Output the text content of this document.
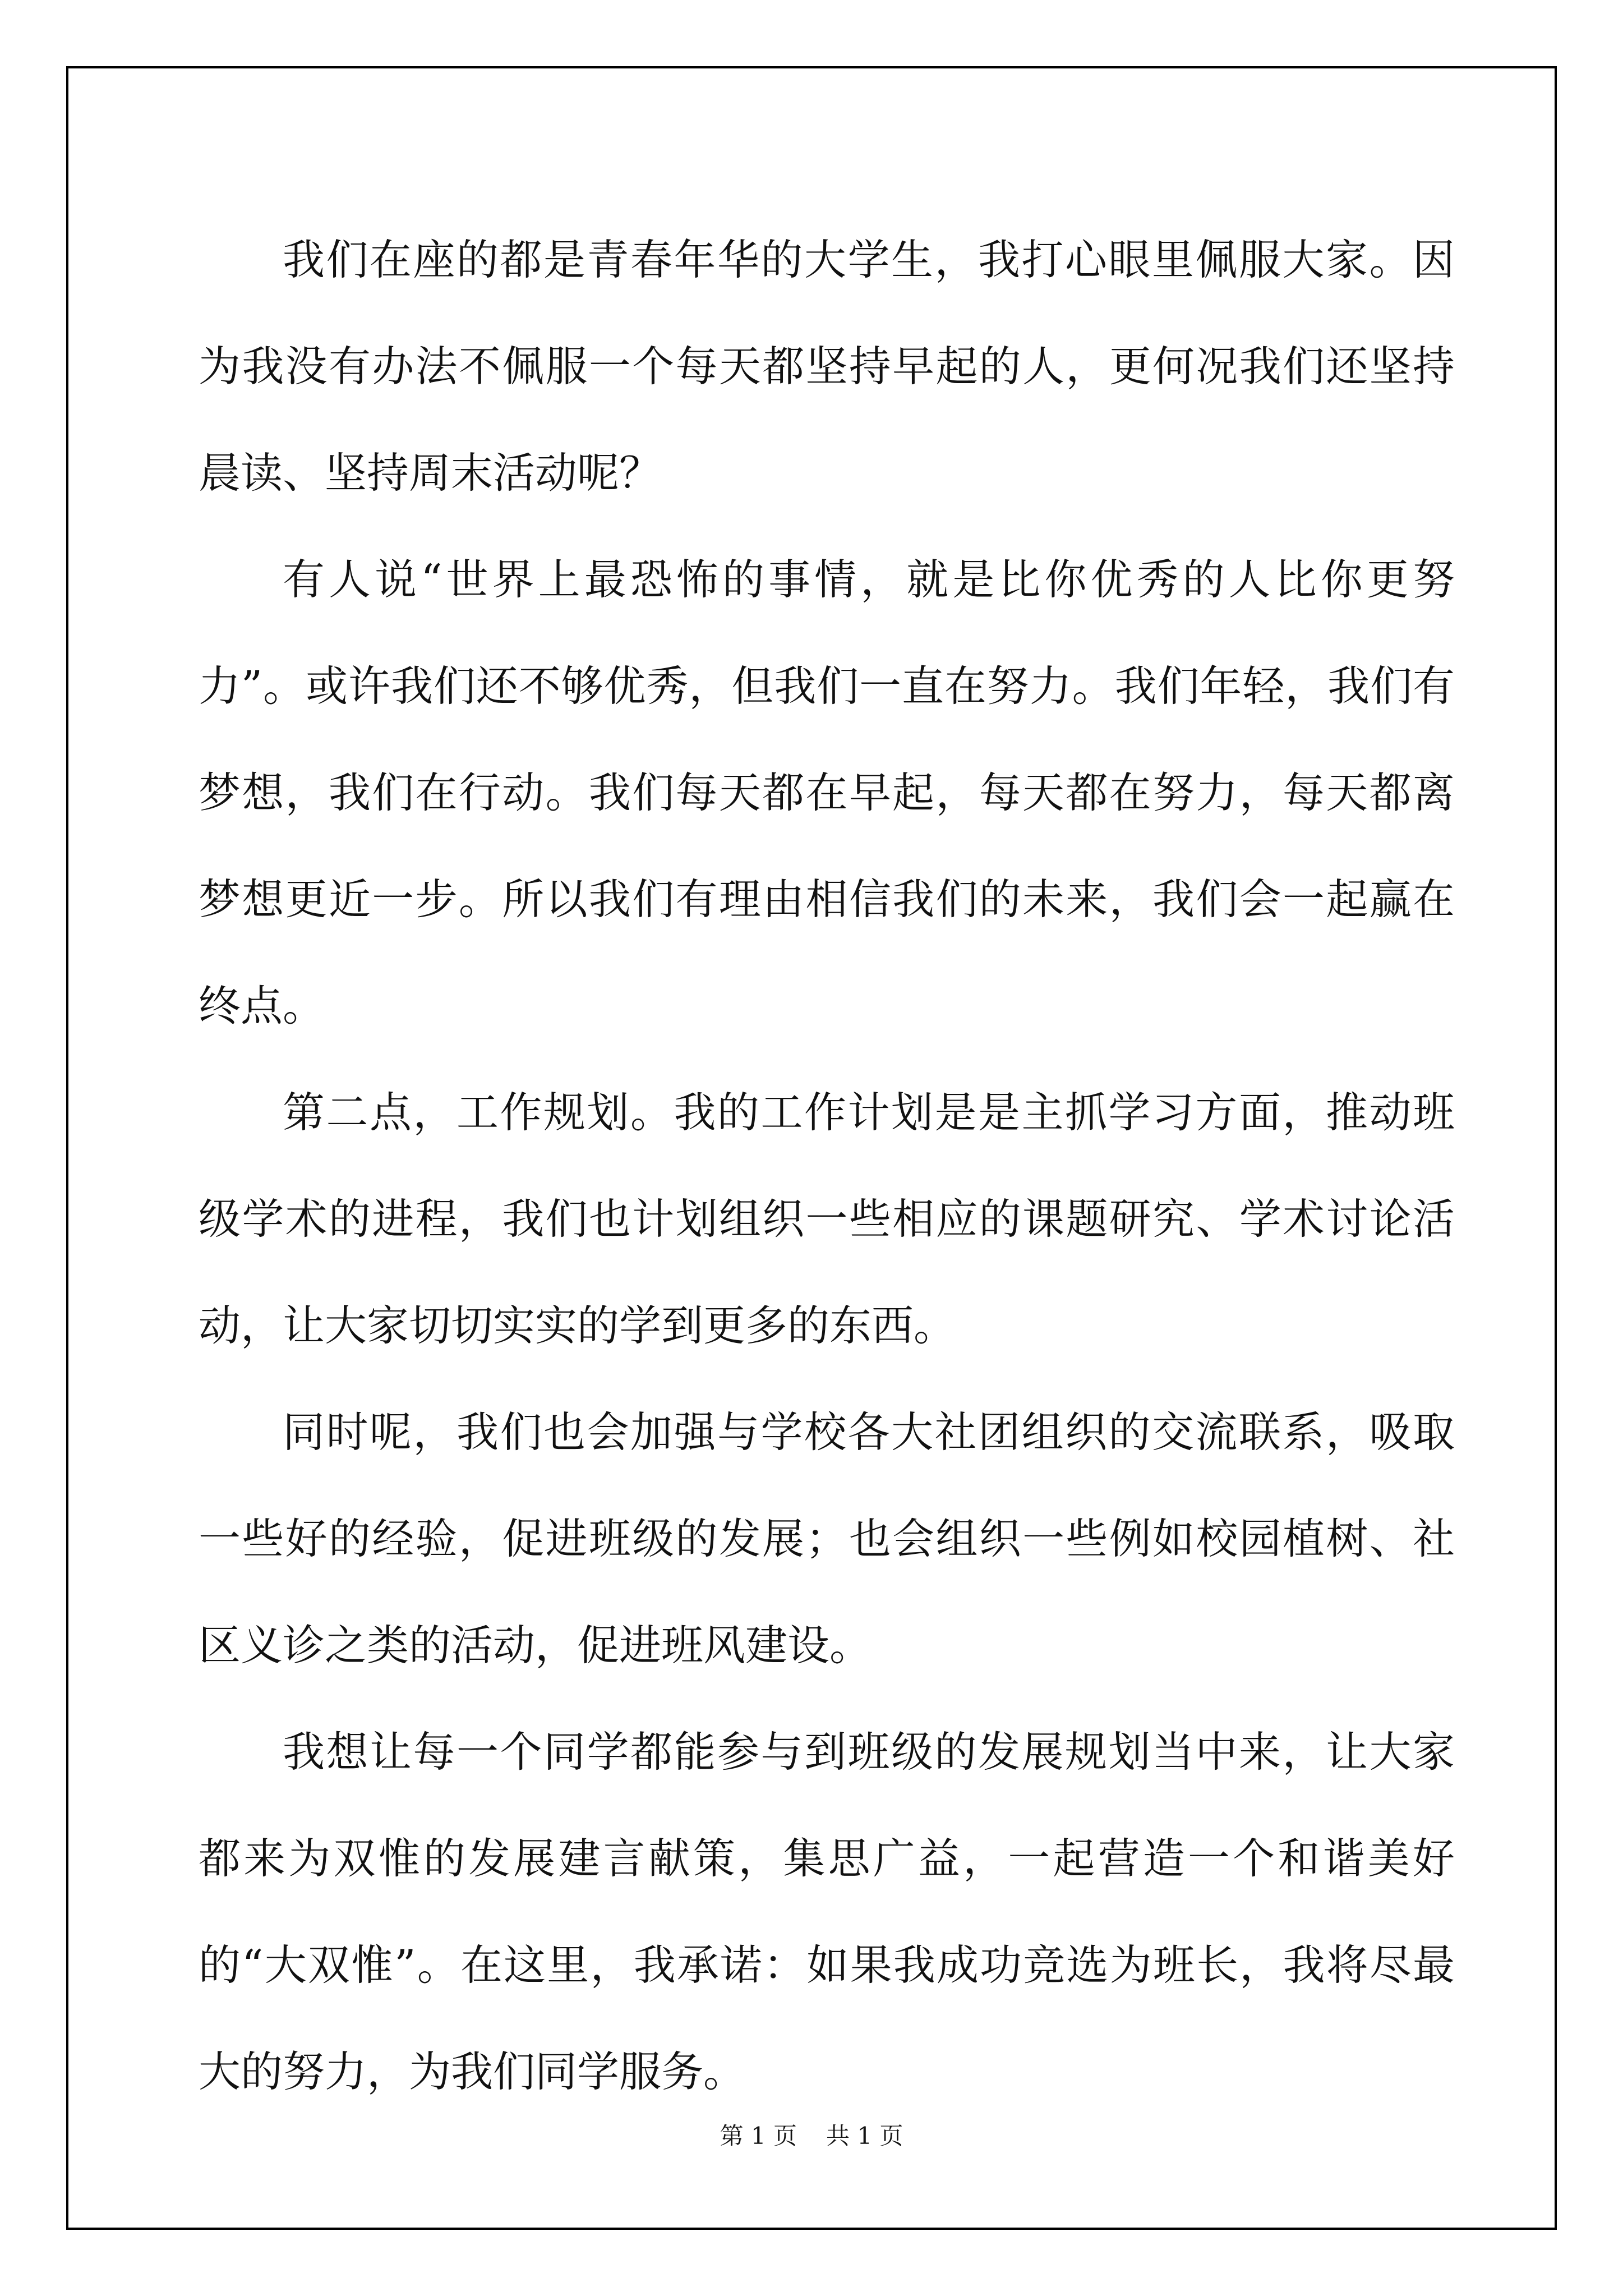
我们在座的都是青春年华的大学生，我打心眼里佩服大家。因为我没有办法不佩服一个每天都坚持早起的人，更何况我们还坚持晨读、坚持周末活动呢？

有人说“世界上最恐怖的事情，就是比你优秀的人比你更努力”。或许我们还不够优秀，但我们一直在努力。我们年轻，我们有梦想，我们在行动。我们每天都在早起，每天都在努力，每天都离梦想更近一步。所以我们有理由相信我们的未来，我们会一起赢在终点。

第二点，工作规划。我的工作计划是是主抓学习方面，推动班级学术的进程，我们也计划组织一些相应的课题研究、学术讨论活动，让大家切切实实的学到更多的东西。

同时呢，我们也会加强与学校各大社团组织的交流联系，吸取一些好的经验，促进班级的发展；也会组织一些例如校园植树、社区义诊之类的活动，促进班风建设。

我想让每一个同学都能参与到班级的发展规划当中来，让大家都来为双惟的发展建言献策，集思广益，一起营造一个和谐美好的“大双惟”。在这里，我承诺：如果我成功竞选为班长，我将尽最大的努力，为我们同学服务。

第 1 页 共 1 页
